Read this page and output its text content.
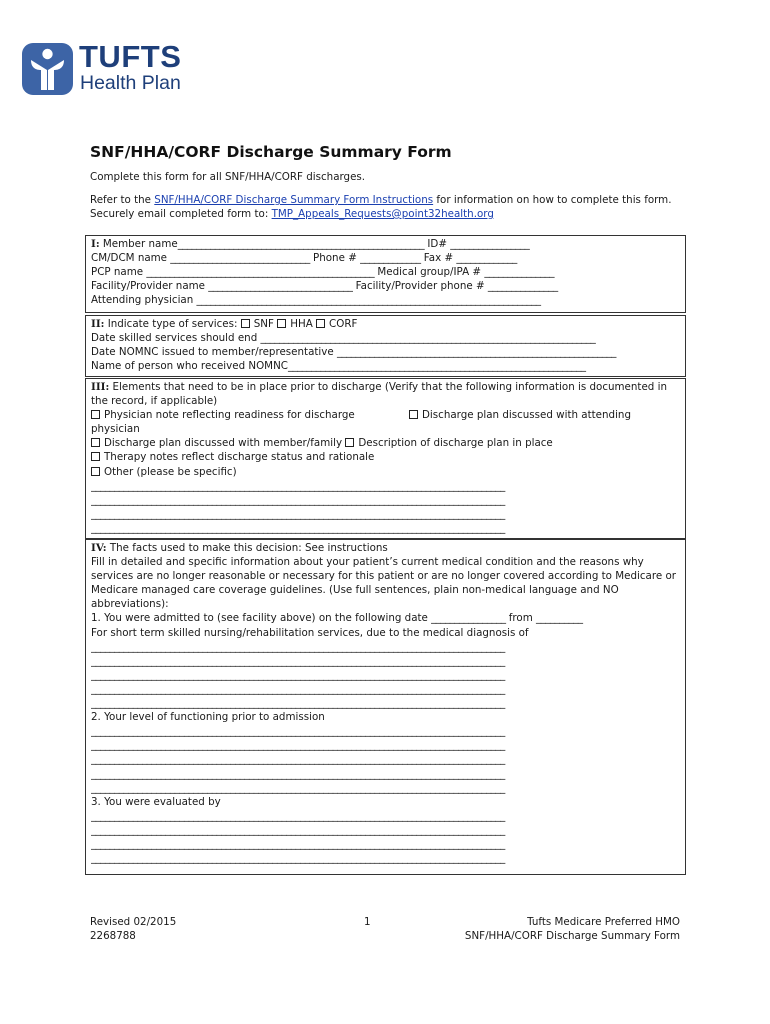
TUFTS
Health Plan
SNF/HHA/CORF Discharge Summary Form

Complete this form for all SNF/HHA/CORF discharges.

Refer to the SNF/HHA/CORF Discharge Summary Form Instructions for information on how to complete this form.

Securely email completed form to: TMP_Appeals_Requests@point32health.org

I: Member name_____________________________________________________ ID# _________________
CM/DCM name ______________________________ Phone # _____________ Fax # _____________
PCP name _________________________________________________ Medical group/IPA # _______________
Facility/Provider name _______________________________ Facility/Provider phone # _______________
Attending physician __________________________________________________________________________
II: Indicate type of services: SNF HHA CORF
Date skilled services should end ________________________________________________________________________
Date NOMNC issued to member/representative ____________________________________________________________
Name of person who received NOMNC________________________________________________________________
III: Elements that need to be in place prior to discharge (Verify that the following information is documented in the record, if applicable)
Physician note reflecting readiness for discharge	Discharge plan discussed with attending
physician
Discharge plan discussed with member/family Description of discharge plan in place
Therapy notes reflect discharge status and rationale
Other (please be specific)
_________________________________________________________________________________________
_________________________________________________________________________________________
_________________________________________________________________________________________
_________________________________________________________________________________________
IV: The facts used to make this decision: See instructions
Fill in detailed and specific information about your patient’s current medical condition and the reasons why services are no longer reasonable or necessary for this patient or are no longer covered according to Medicare or Medicare managed care coverage guidelines. (Use full sentences, plain non-medical language and NO abbreviations):
1. You were admitted to (see facility above) on the following date ________________ from __________
For short term skilled nursing/rehabilitation services, due to the medical diagnosis of
_________________________________________________________________________________________
_________________________________________________________________________________________
_________________________________________________________________________________________
_________________________________________________________________________________________
_________________________________________________________________________________________
2. Your level of functioning prior to admission
_________________________________________________________________________________________
_________________________________________________________________________________________
_________________________________________________________________________________________
_________________________________________________________________________________________
_________________________________________________________________________________________
3. You were evaluated by
_________________________________________________________________________________________
_________________________________________________________________________________________
_________________________________________________________________________________________
_________________________________________________________________________________________
Revised 02/2015
2268788
1	Tufts Medicare Preferred HMO
SNF/HHA/CORF Discharge Summary Form
